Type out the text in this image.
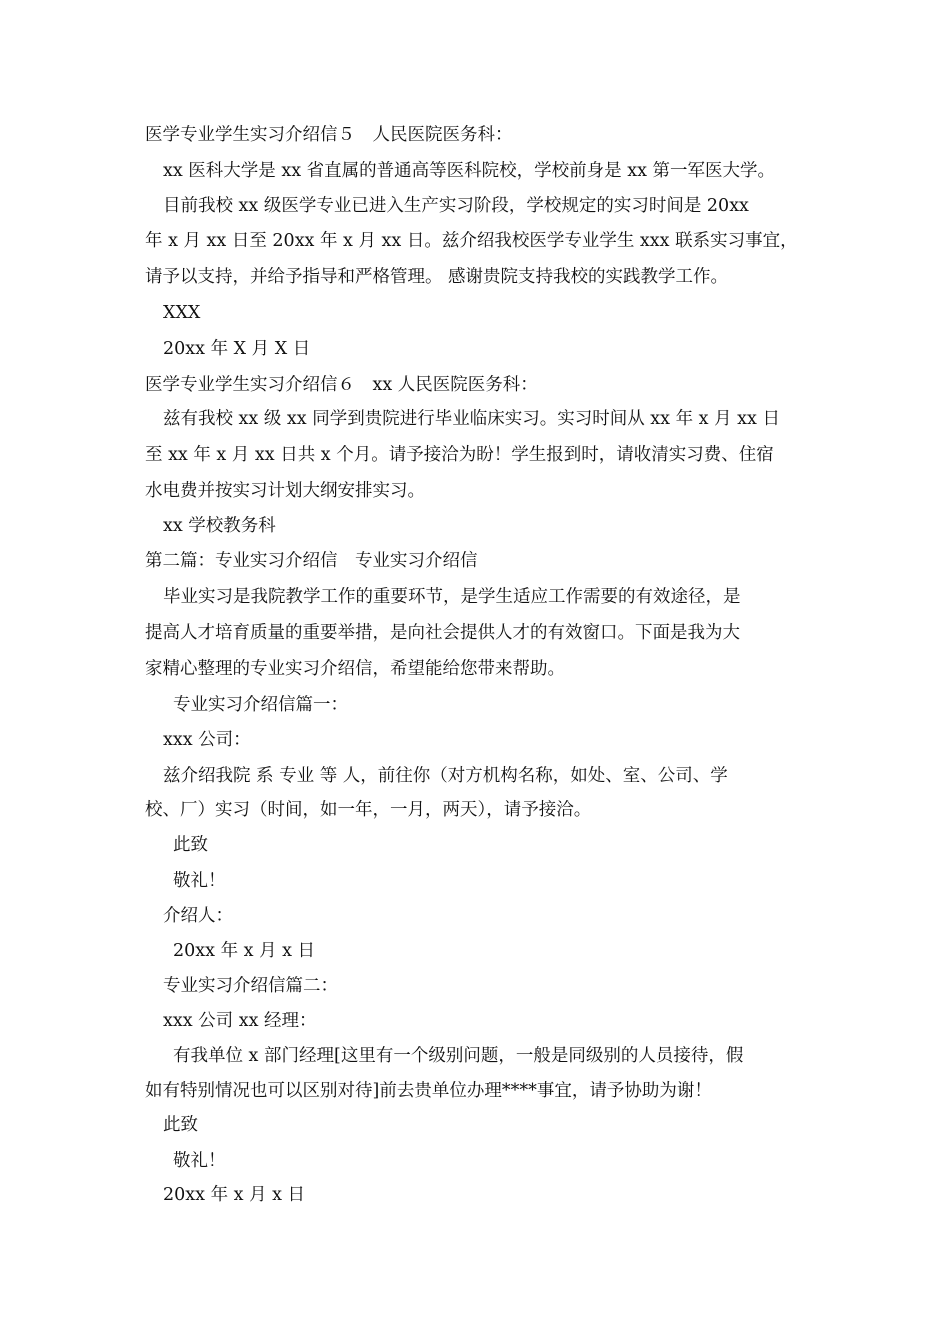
医学专业学生实习介绍信５　人民医院医务科：
xx 医科大学是 xx 省直属的普通高等医科院校，学校前身是 xx 第一军医大学。
目前我校 xx 级医学专业已进入生产实习阶段，学校规定的实习时间是 20xx
年 x 月 xx 日至 20xx 年 x 月 xx 日。兹介绍我校医学专业学生 xxx 联系实习事宜，
请予以支持，并给予指导和严格管理。 感谢贵院支持我校的实践教学工作。
XXX
20xx 年 X 月 X 日
医学专业学生实习介绍信６　xx 人民医院医务科：
兹有我校 xx 级 xx 同学到贵院进行毕业临床实习。实习时间从 xx 年 x 月 xx 日
至 xx 年 x 月 xx 日共 x 个月。请予接洽为盼！学生报到时，请收清实习费、住宿
水电费并按实习计划大纲安排实习。
xx 学校教务科
第二篇：专业实习介绍信　专业实习介绍信
毕业实习是我院教学工作的重要环节，是学生适应工作需要的有效途径，是
提高人才培育质量的重要举措，是向社会提供人才的有效窗口。下面是我为大
家精心整理的专业实习介绍信，希望能给您带来帮助。
专业实习介绍信篇一：
xxx 公司：
兹介绍我院 系 专业 等 人，前往你（对方机构名称，如处、室、公司、学
校、厂）实习（时间，如一年，一月，两天），请予接洽。
此致
敬礼！
介绍人：
20xx 年 x 月 x 日
专业实习介绍信篇二：
xxx 公司 xx 经理：
有我单位 x 部门经理[这里有一个级别问题，一般是同级别的人员接待，假
如有特别情况也可以区别对待]前去贵单位办理****事宜，请予协助为谢！
此致
敬礼！
20xx 年 x 月 x 日
